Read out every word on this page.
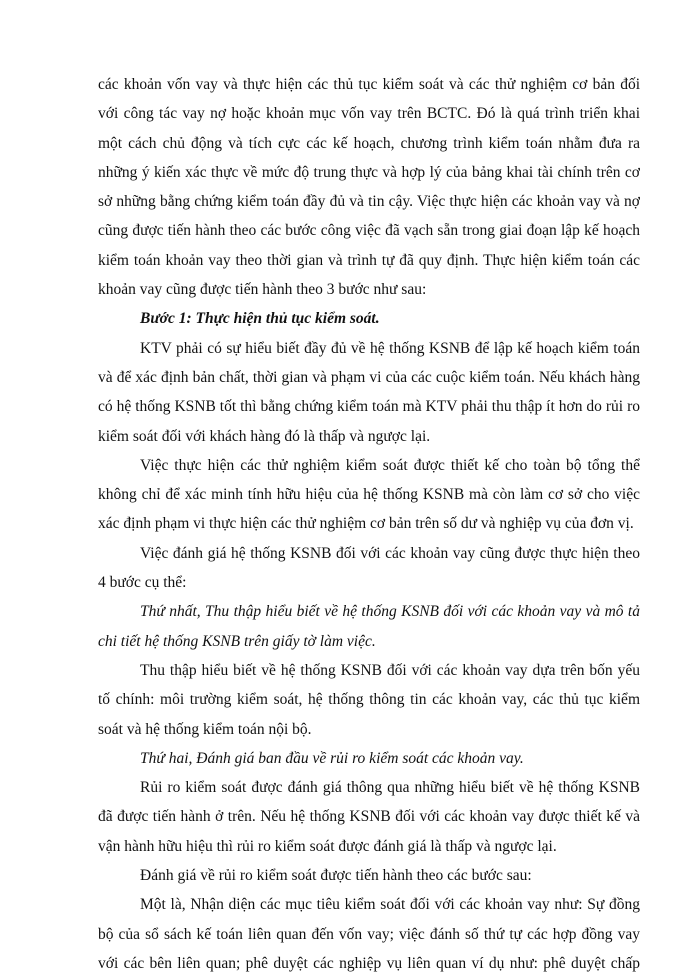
các khoản vốn vay và thực hiện các thủ tục kiểm soát và các thử nghiệm cơ bản đối
với công tác vay nợ hoặc khoản mục vốn vay trên BCTC. Đó là quá trình triển khai
một cách chủ động và tích cực các kế hoạch, chương trình kiểm toán nhằm đưa ra
những ý kiến xác thực về mức độ trung thực và hợp lý của bảng khai tài chính trên cơ
sở những bằng chứng kiểm toán đầy đủ và tin cậy. Việc thực hiện các khoản vay và nợ
cũng được tiến hành theo các bước công việc đã vạch sẵn trong giai đoạn lập kế hoạch
kiểm toán khoản vay theo thời gian và trình tự đã quy định. Thực hiện kiểm toán các
khoản vay cũng được tiến hành theo 3 bước như sau:
Bước 1: Thực hiện thủ tục kiểm soát.
KTV phải có sự hiểu biết đầy đủ về hệ thống KSNB để lập kế hoạch kiểm toán
và để xác định bản chất, thời gian và phạm vi của các cuộc kiểm toán. Nếu khách hàng
có hệ thống KSNB tốt thì bằng chứng kiểm toán mà KTV phải thu thập ít hơn do rủi ro
kiểm soát đối với khách hàng đó là thấp và ngược lại.
Việc thực hiện các thử nghiệm kiểm soát được thiết kế cho toàn bộ tổng thể
không chỉ để xác minh tính hữu hiệu của hệ thống KSNB mà còn làm cơ sở cho việc
xác định phạm vi thực hiện các thử nghiệm cơ bản trên số dư và nghiệp vụ của đơn vị.
Việc đánh giá hệ thống KSNB đối với các khoản vay cũng được thực hiện theo
4 bước cụ thể:
Thứ nhất, Thu thập hiểu biết về hệ thống KSNB đối với các khoản vay và mô tả
chi tiết hệ thống KSNB trên giấy tờ làm việc.
Thu thập hiểu biết về hệ thống KSNB đối với các khoản vay dựa trên bốn yếu
tố chính: môi trường kiểm soát, hệ thống thông tin các khoản vay, các thủ tục kiểm
soát và hệ thống kiểm toán nội bộ.
Thứ hai, Đánh giá ban đầu về rủi ro kiểm soát các khoản vay.
Rủi ro kiểm soát được đánh giá thông qua những hiểu biết về hệ thống KSNB
đã được tiến hành ở trên. Nếu hệ thống KSNB đối với các khoản vay được thiết kế và
vận hành hữu hiệu thì rủi ro kiểm soát được đánh giá là thấp và ngược lại.
Đánh giá về rủi ro kiểm soát được tiến hành theo các bước sau:
Một là, Nhận diện các mục tiêu kiểm soát đối với các khoản vay như: Sự đồng
bộ của sổ sách kế toán liên quan đến vốn vay; việc đánh số thứ tự các hợp đồng vay
với các bên liên quan; phê duyệt các nghiệp vụ liên quan ví dụ như: phê duyệt chấp
